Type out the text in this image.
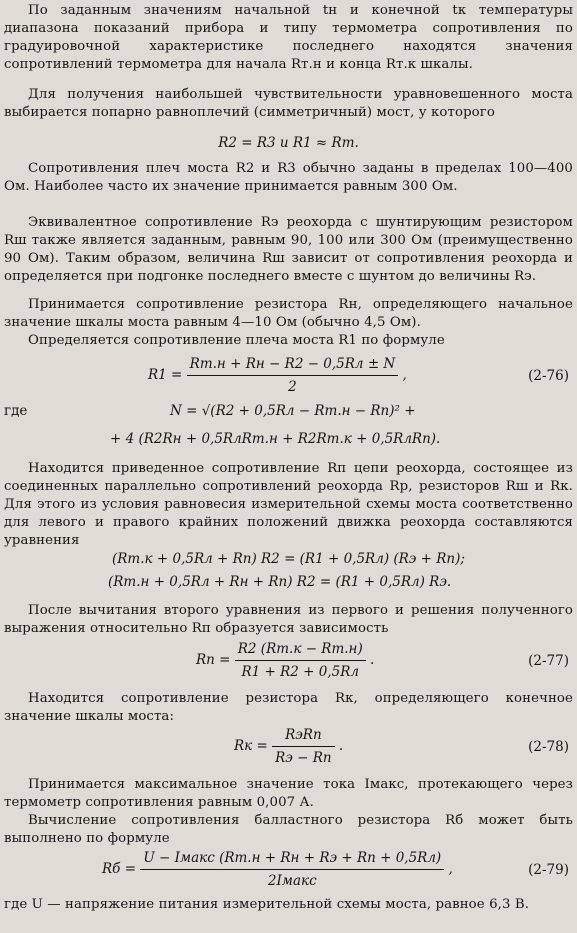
По заданным значениям начальной tн и конечной tк температуры диапазона показаний прибора и типу термометра сопротивления по градуировочной характеристике последнего находятся значения сопротивлений термометра для начала Rт.н и конца Rт.к шкалы.
Для получения наибольшей чувствительности уравновешенного моста выбирается попарно равноплечий (симметричный) мост, у которого
R2 = R3 и R1 ≈ Rт.
Сопротивления плеч моста R2 и R3 обычно заданы в пределах 100—400 Ом. Наиболее часто их значение принимается равным 300 Ом.
Эквивалентное сопротивление Rэ реохорда с шунтирующим резистором Rш также является заданным, равным 90, 100 или 300 Ом (преимущественно 90 Ом). Таким образом, величина Rш зависит от сопротивления реохорда и определяется при подгонке последнего вместе с шунтом до величины Rэ.
Принимается сопротивление резистора Rн, определяющего начальное значение шкалы моста равным 4—10 Ом (обычно 4,5 Ом).
Определяется сопротивление плеча моста R1 по формуле
$R1 = \frac{Rт.н + Rн - R2 - 0,5Rл \pm N}{2}$ ,	(2-76)
где	N = √(R2 + 0,5Rл − Rт.н − Rп)² +
+ 4 (R2Rн + 0,5RлRт.н + R2Rт.к + 0,5RлRп).
Находится приведенное сопротивление Rп цепи реохорда, состоящее из соединенных параллельно сопротивлений реохорда Rр, резисторов Rш и Rк. Для этого из условия равновесия измерительной схемы моста соответственно для левого и правого крайних положений движка реохорда составляются уравнения
(Rт.к + 0,5Rл + Rп) R2 = (R1 + 0,5Rл) (Rэ + Rп);
(Rт.н + 0,5Rл + Rн + Rп) R2 = (R1 + 0,5Rл) Rэ.
После вычитания второго уравнения из первого и решения полученного выражения относительно Rп образуется зависимость
Rп = $\frac{R2 (Rт.к - Rт.н)}{R1 + R2 + 0,5Rл}$ .	(2-77)
Находится сопротивление резистора Rк, определяющего конечное значение шкалы моста:
Rк = $\frac{\text{RэRп}}{Rэ - Rп}$ .	(2-78)
Принимается максимальное значение тока Iмакс, протекающего через термометр сопротивления равным 0,007 А.
Вычисление сопротивления балластного резистора Rб может быть выполнено по формуле
Rб = $\frac{\text{U − Iмакс (Rт.н + Rн + Rэ + Rп + 0,5Rл)}}{\text{2Iмакс}}$ ,	(2-79)
где U — напряжение питания измерительной схемы моста, равное 6,3 В.
